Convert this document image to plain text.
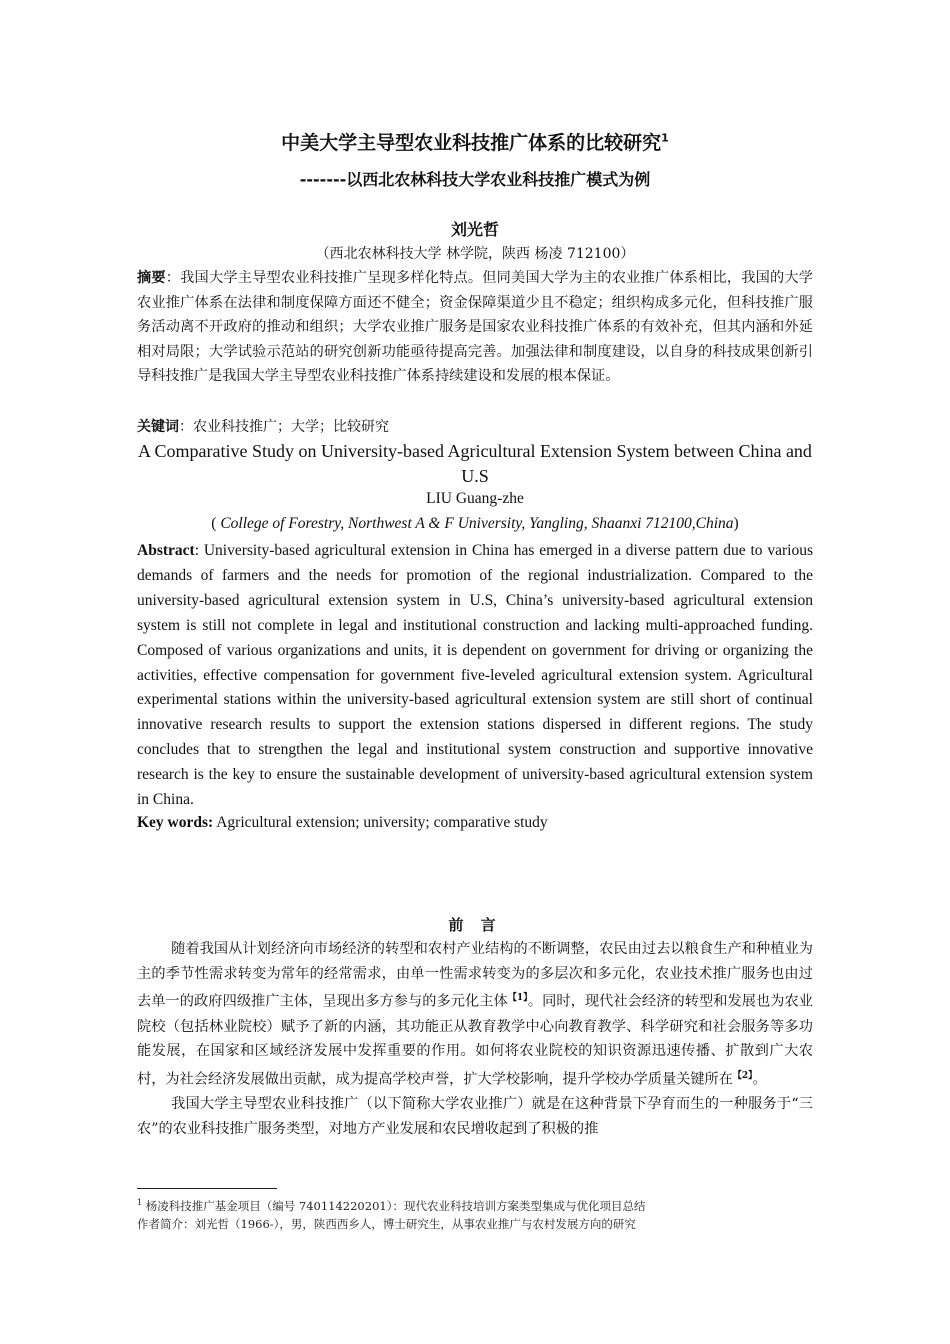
中美大学主导型农业科技推广体系的比较研究$^1$
-------以西北农林科技大学农业科技推广模式为例
刘光哲
（西北农林科技大学 林学院，陕西 杨凌 712100）
摘要：我国大学主导型农业科技推广呈现多样化特点。但同美国大学为主的农业推广体系相比，我国的大学农业推广体系在法律和制度保障方面还不健全；资金保障渠道少且不稳定；组织构成多元化，但科技推广服务活动离不开政府的推动和组织；大学农业推广服务是国家农业科技推广体系的有效补充，但其内涵和外延相对局限；大学试验示范站的研究创新功能亟待提高完善。加强法律和制度建设，以自身的科技成果创新引导科技推广是我国大学主导型农业科技推广体系持续建设和发展的根本保证。
关键词：农业科技推广；大学；比较研究
A Comparative Study on University-based Agricultural Extension System between China and U.S
LIU Guang-zhe
( College of Forestry, Northwest A & F University, Yangling, Shaanxi 712100,China)
Abstract: University-based agricultural extension in China has emerged in a diverse pattern due to various demands of farmers and the needs for promotion of the regional industrialization. Compared to the university-based agricultural extension system in U.S, China’s university-based agricultural extension system is still not complete in legal and institutional construction and lacking multi-approached funding. Composed of various organizations and units, it is dependent on government for driving or organizing the activities, effective compensation for government five-leveled agricultural extension system. Agricultural experimental stations within the university-based agricultural extension system are still short of continual innovative research results to support the extension stations dispersed in different regions. The study concludes that to strengthen the legal and institutional system construction and supportive innovative research is the key to ensure the sustainable development of university-based agricultural extension system in China.
Key words: Agricultural extension; university; comparative study
前 言

随着我国从计划经济向市场经济的转型和农村产业结构的不断调整，农民由过去以粮食生产和种植业为主的季节性需求转变为常年的经常需求，由单一性需求转变为的多层次和多元化，农业技术推广服务也由过去单一的政府四级推广主体，呈现出多方参与的多元化主体$^{【1】}$。同时，现代社会经济的转型和发展也为农业院校（包括林业院校）赋予了新的内涵，其功能正从教育教学中心向教育教学、科学研究和社会服务等多功能发展，在国家和区域经济发展中发挥重要的作用。如何将农业院校的知识资源迅速传播、扩散到广大农村，为社会经济发展做出贡献，成为提高学校声誉，扩大学校影响，提升学校办学质量关键所在$^{【2】}$。

我国大学主导型农业科技推广（以下简称大学农业推广）就是在这种背景下孕育而生的一种服务于“三农”的农业科技推广服务类型，对地方产业发展和农民增收起到了积极的推

$^1$ 杨凌科技推广基金项目（编号 740114220201）：现代农业科技培训方案类型集成与优化项目总结
作者简介：刘光哲（1966-），男，陕西西乡人，博士研究生，从事农业推广与农村发展方向的研究
